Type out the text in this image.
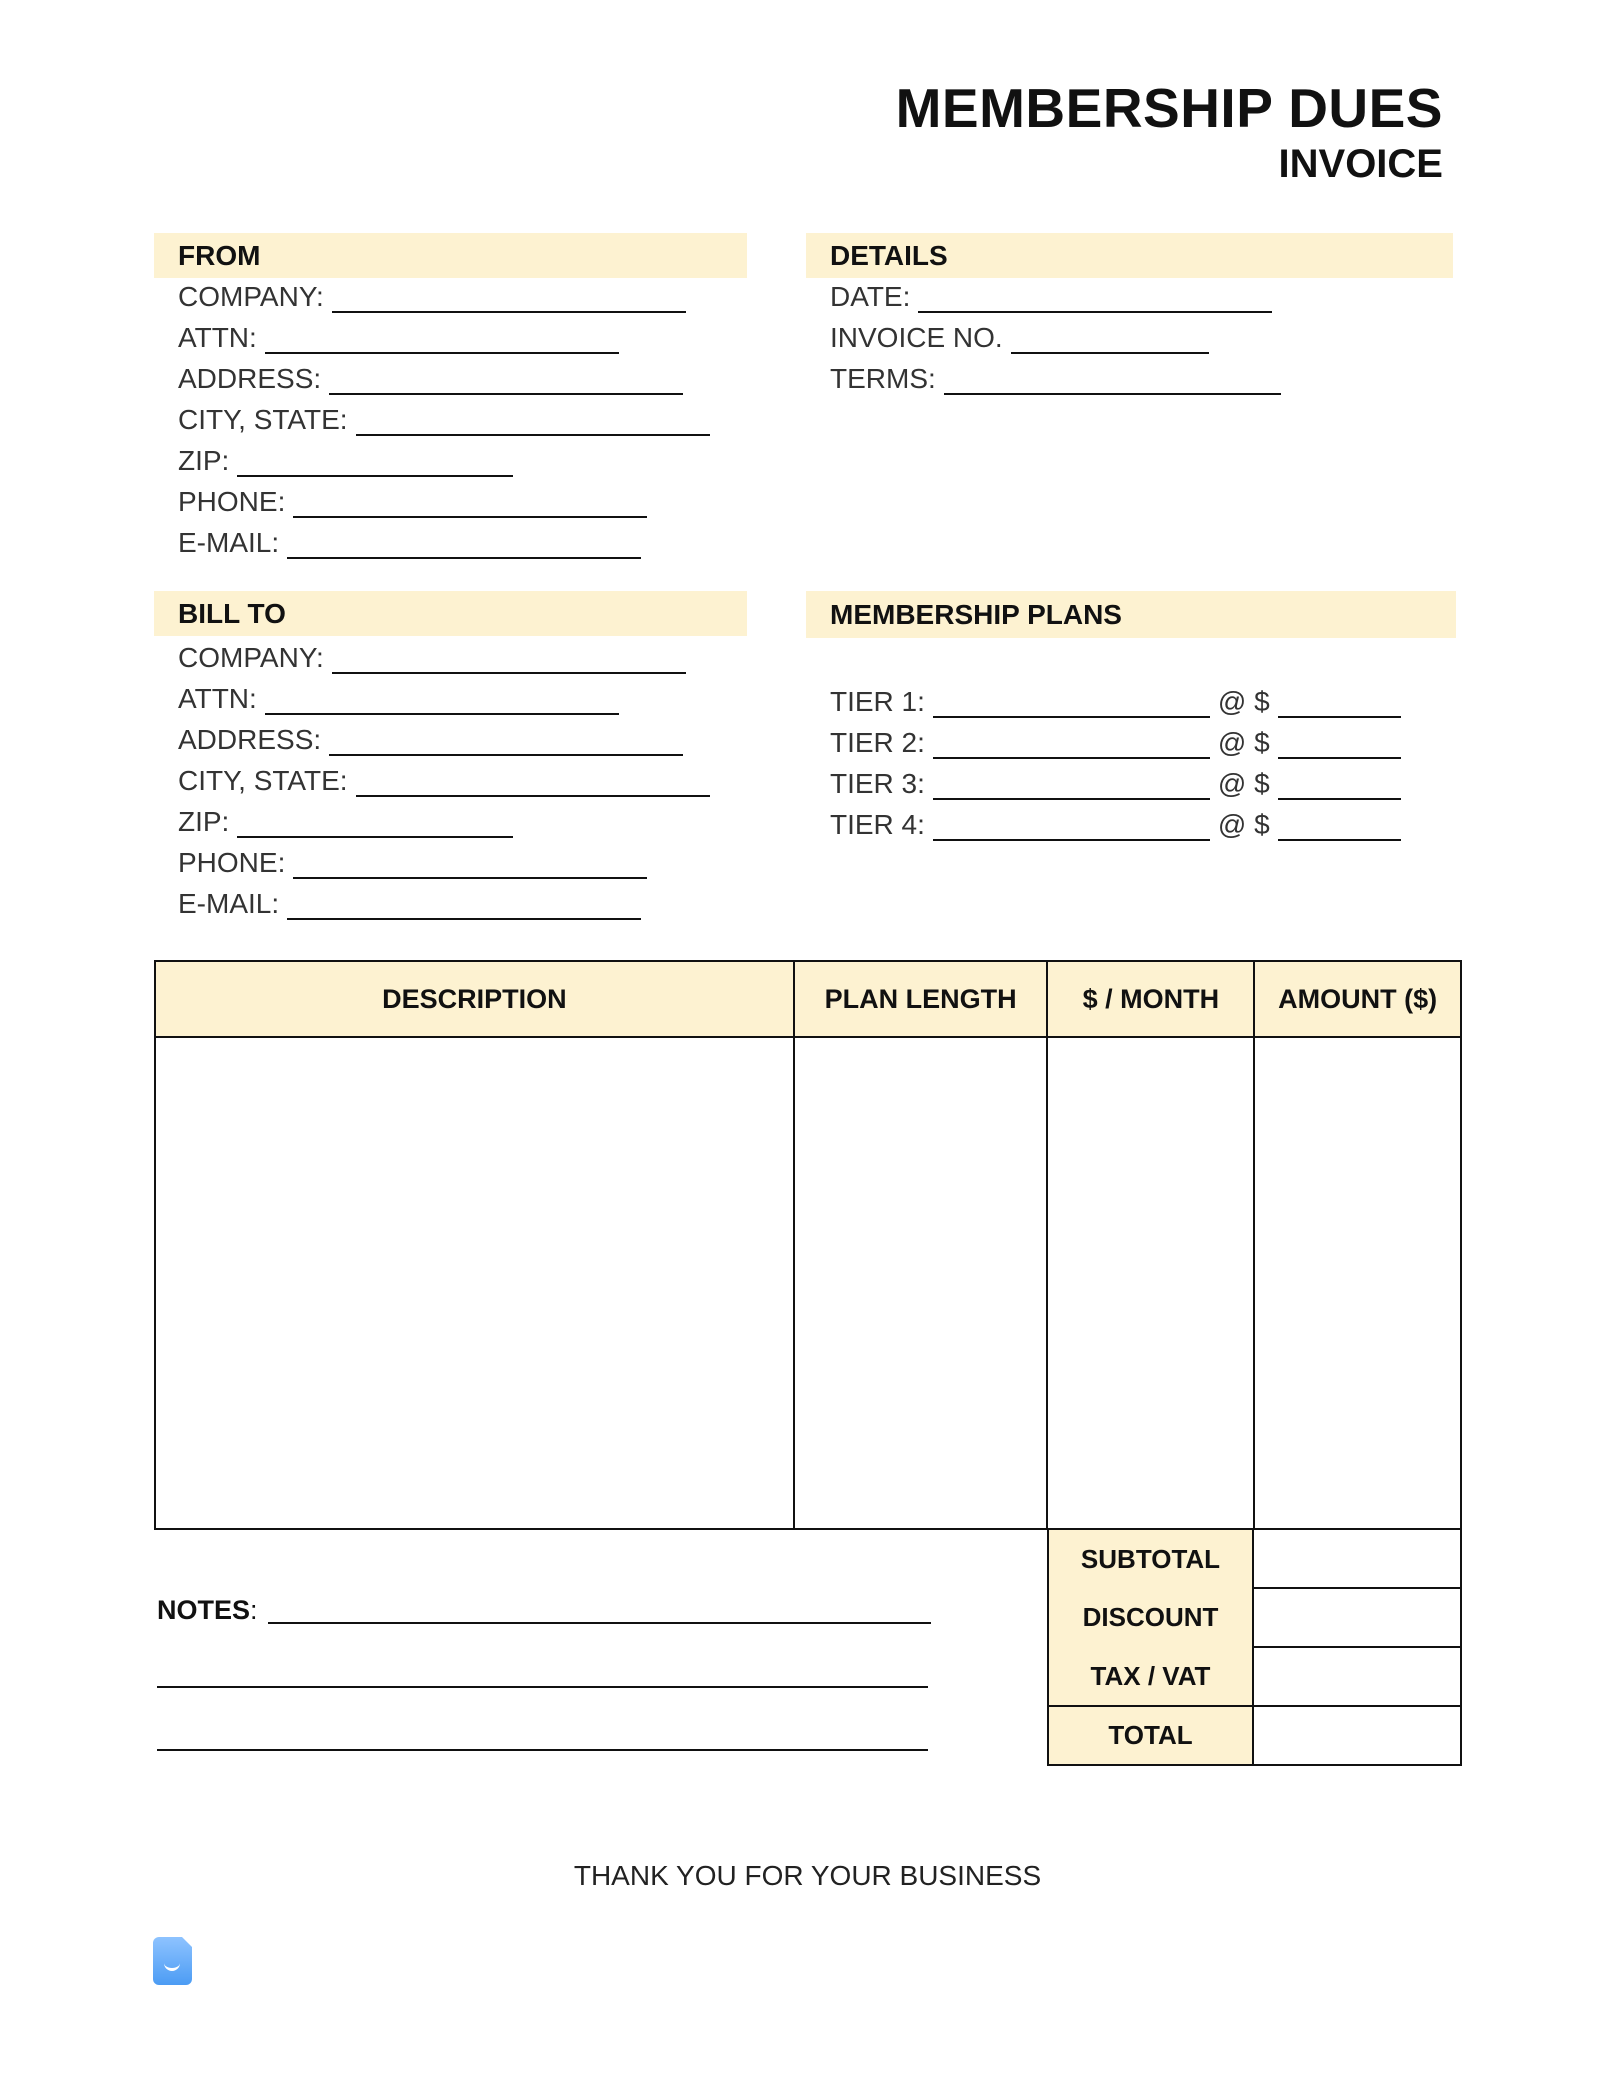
MEMBERSHIP DUES
INVOICE
FROM
COMPANY:
ATTN:
ADDRESS:
CITY, STATE:
ZIP:
PHONE:
E-MAIL:
DETAILS
DATE:
INVOICE NO.
TERMS:
BILL TO
COMPANY:
ATTN:
ADDRESS:
CITY, STATE:
ZIP:
PHONE:
E-MAIL:
MEMBERSHIP PLANS
TIER 1:	@ $
TIER 2:	@ $
TIER 3:	@ $
TIER 4:	@ $
DESCRIPTION	PLAN LENGTH	$ / MONTH	AMOUNT ($)

SUBTOTAL	
DISCOUNT	
TAX / VAT	
TOTAL	
NOTES:
THANK YOU FOR YOUR BUSINESS
